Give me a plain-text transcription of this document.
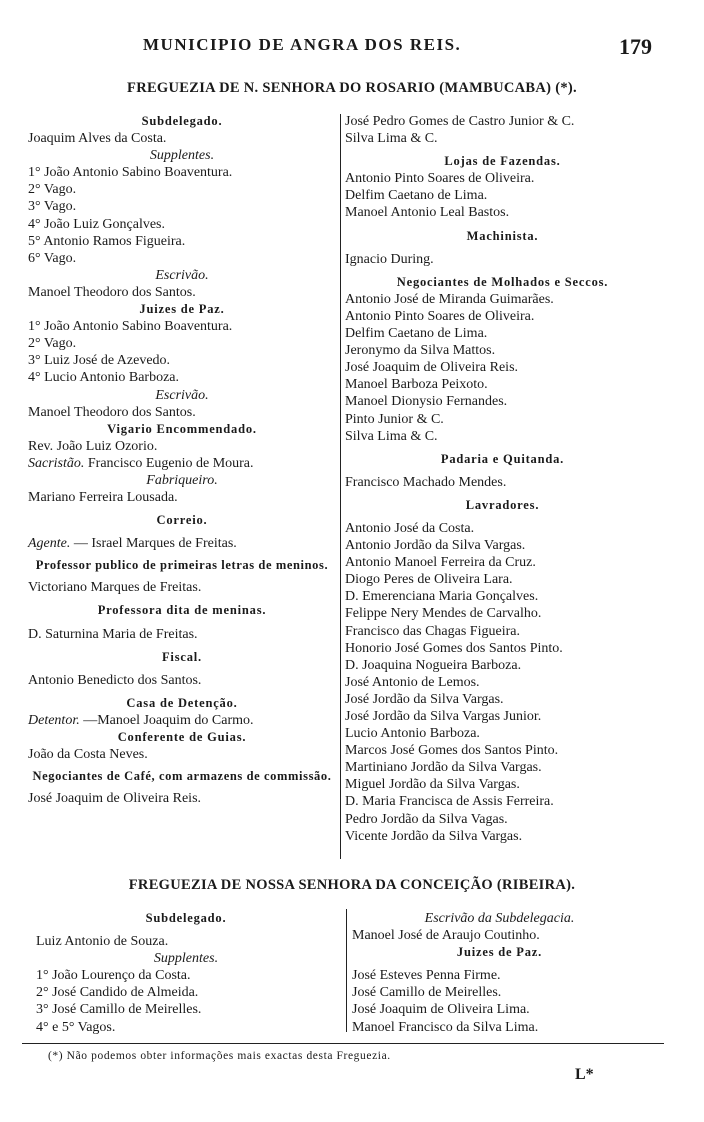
MUNICIPIO DE ANGRA DOS REIS.	179
FREGUEZIA DE N. SENHORA DO ROSARIO (MAMBUCABA) (*).
Subdelegado.
Joaquim Alves da Costa.
Supplentes.
1° João Antonio Sabino Boaventura.
2° Vago.
3° Vago.
4° João Luiz Gonçalves.
5° Antonio Ramos Figueira.
6° Vago.
Escrivão.
Manoel Theodoro dos Santos.
Juizes de Paz.
1° João Antonio Sabino Boaventura.
2° Vago.
3° Luiz José de Azevedo.
4° Lucio Antonio Barboza.
Escrivão.
Manoel Theodoro dos Santos.
Vigario Encommendado.
Rev. João Luiz Ozorio.
Sacristão. Francisco Eugenio de Moura.
Fabriqueiro.
Mariano Ferreira Lousada.
Correio.
Agente. — Israel Marques de Freitas.
Professor publico de primeiras letras de meninos.
Victoriano Marques de Freitas.
Professora dita de meninas.
D. Saturnina Maria de Freitas.
Fiscal.
Antonio Benedicto dos Santos.
Casa de Detenção.
Detentor. —Manoel Joaquim do Carmo.
Conferente de Guias.
João da Costa Neves.
Negociantes de Café, com armazens de commissão.
José Joaquim de Oliveira Reis.
José Pedro Gomes de Castro Junior & C.
Silva Lima & C.
Lojas de Fazendas.
Antonio Pinto Soares de Oliveira.
Delfim Caetano de Lima.
Manoel Antonio Leal Bastos.
Machinista.
Ignacio During.
Negociantes de Molhados e Seccos.
Antonio José de Miranda Guimarães.
Antonio Pinto Soares de Oliveira.
Delfim Caetano de Lima.
Jeronymo da Silva Mattos.
José Joaquim de Oliveira Reis.
Manoel Barboza Peixoto.
Manoel Dionysio Fernandes.
Pinto Junior & C.
Silva Lima & C.
Padaria e Quitanda.
Francisco Machado Mendes.
Lavradores.
Antonio José da Costa.
Antonio Jordão da Silva Vargas.
Antonio Manoel Ferreira da Cruz.
Diogo Peres de Oliveira Lara.
D. Emerenciana Maria Gonçalves.
Felippe Nery Mendes de Carvalho.
Francisco das Chagas Figueira.
Honorio José Gomes dos Santos Pinto.
D. Joaquina Nogueira Barboza.
José Antonio de Lemos.
José Jordão da Silva Vargas.
José Jordão da Silva Vargas Junior.
Lucio Antonio Barboza.
Marcos José Gomes dos Santos Pinto.
Martiniano Jordão da Silva Vargas.
Miguel Jordão da Silva Vargas.
D. Maria Francisca de Assis Ferreira.
Pedro Jordão da Silva Vagas.
Vicente Jordão da Silva Vargas.
FREGUEZIA DE NOSSA SENHORA DA CONCEIÇÃO (RIBEIRA).
Subdelegado.
Luiz Antonio de Souza.
Supplentes.
1° João Lourenço da Costa.
2° José Candido de Almeida.
3° José Camillo de Meirelles.
4° e 5° Vagos.
Escrivão da Subdelegacia.
Manoel José de Araujo Coutinho.
Juizes de Paz.
José Esteves Penna Firme.
José Camillo de Meirelles.
José Joaquim de Oliveira Lima.
Manoel Francisco da Silva Lima.
(*) Não podemos obter informações mais exactas desta Freguezia.
L*
